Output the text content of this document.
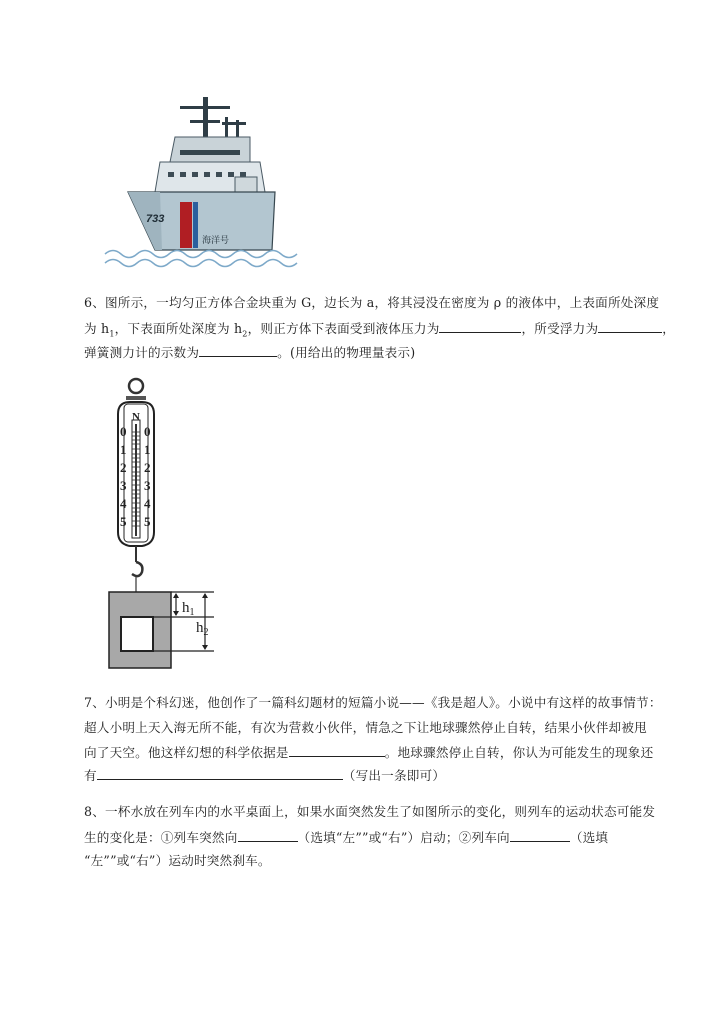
733
海洋号
6、图所示，一均匀正方体合金块重为 G，边长为 a，将其浸没在密度为 ρ 的液体中，上表面所处深度
为 $h_1$，下表面所处深度为 $h_2$，则正方体下表面受到液体压力为	，所受浮力为	，
弹簧测力计的示数为	。(用给出的物理量表示)
N
0
1
2
3
4
5
0
1
2
3
4
5
$h_1$
$h_2$
7、小明是个科幻迷，他创作了一篇科幻题材的短篇小说——《我是超人》。小说中有这样的故事情节：
超人小明上天入海无所不能，有次为营救小伙伴，情急之下让地球骤然停止自转，结果小伙伴却被甩
向了天空。他这样幻想的科学依据是	。地球骤然停止自转，你认为可能发生的现象还
有	（写出一条即可）
8、一杯水放在列车内的水平桌面上，如果水面突然发生了如图所示的变化，则列车的运动状态可能发
生的变化是：①列车突然向	（选填“左””或“右”）启动；②列车向	（选填
“左””或“右”）运动时突然刹车。
